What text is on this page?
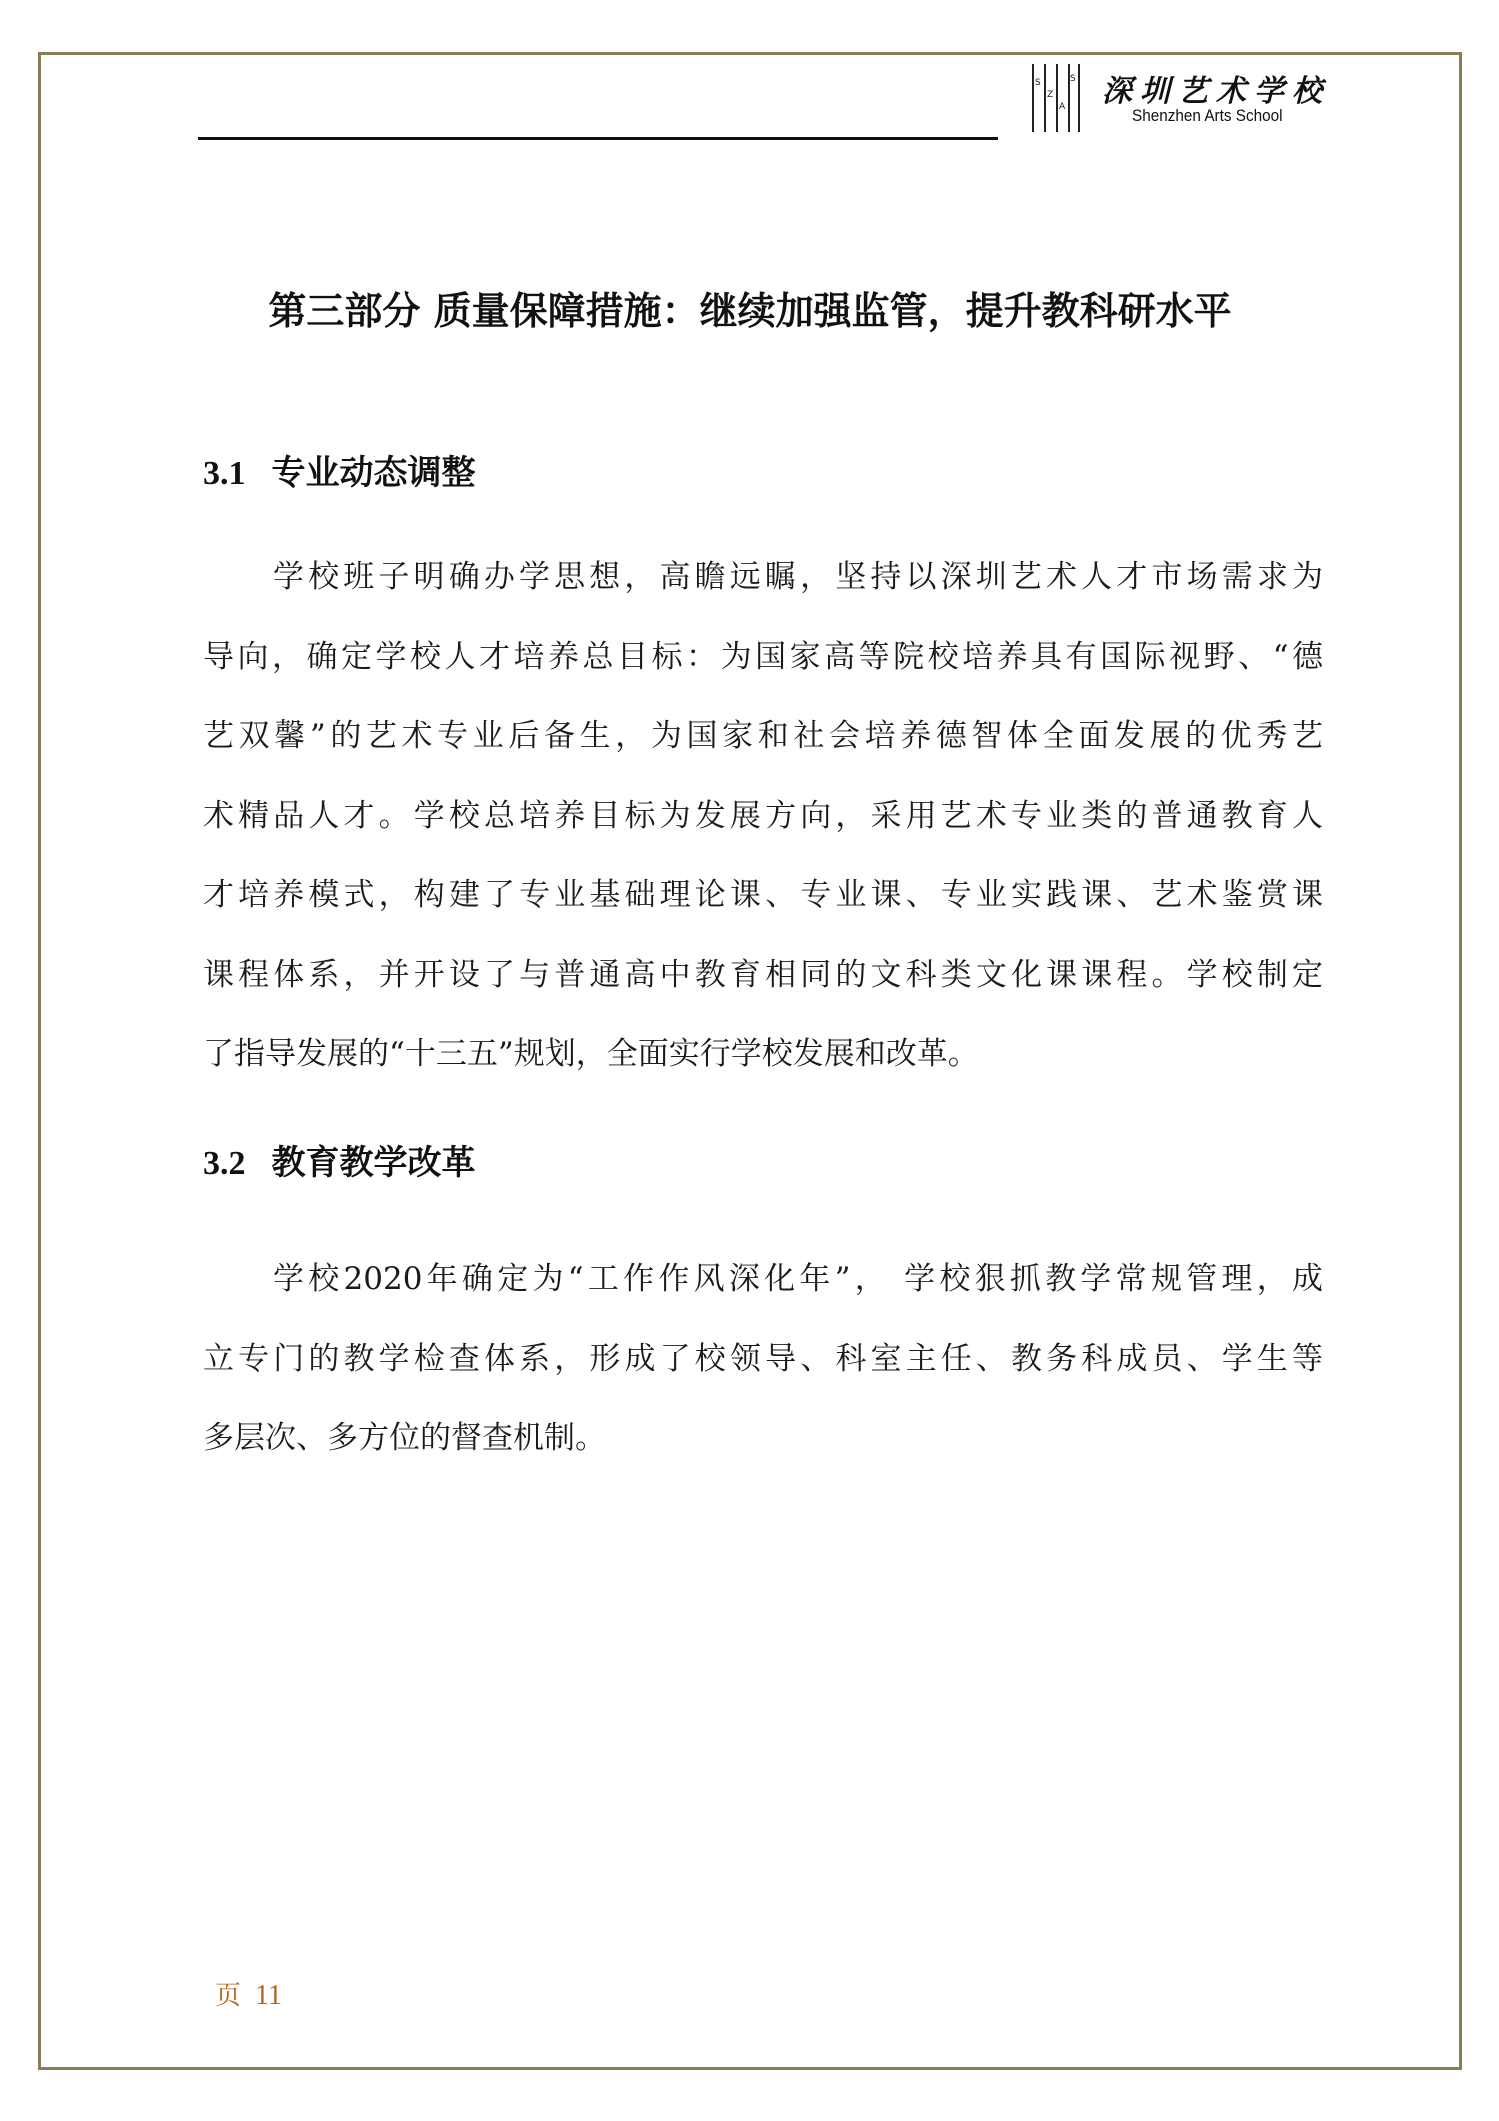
S
Z
A
S 深圳艺术学校
Shenzhen Arts School
第三部分 质量保障措施：继续加强监管，提升教科研水平
3.1 专业动态调整
学校班子明确办学思想，高瞻远瞩，坚持以深圳艺术人才市场需求为
导向，确定学校人才培养总目标：为国家高等院校培养具有国际视野、“德
艺双馨”的艺术专业后备生，为国家和社会培养德智体全面发展的优秀艺
术精品人才。学校总培养目标为发展方向，采用艺术专业类的普通教育人
才培养模式，构建了专业基础理论课、专业课、专业实践课、艺术鉴赏课
课程体系，并开设了与普通高中教育相同的文科类文化课课程。学校制定
了指导发展的“十三五”规划，全面实行学校发展和改革。
3.2 教育教学改革
学校2020年确定为“工作作风深化年”， 学校狠抓教学常规管理，成
立专门的教学检查体系，形成了校领导、科室主任、教务科成员、学生等
多层次、多方位的督查机制。
页 11
